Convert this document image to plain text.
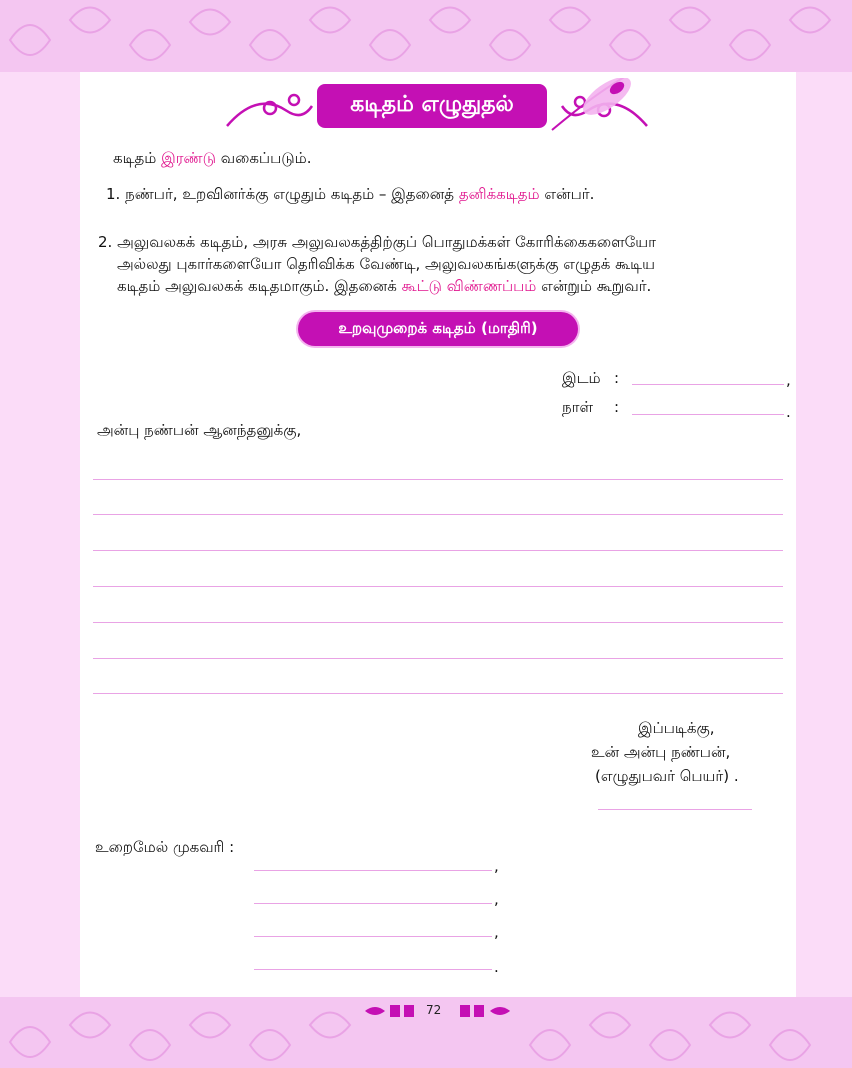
கடிதம் எழுதுதல்
கடிதம் இரண்டு வகைப்படும்.
1. நண்பர், உறவினர்க்கு எழுதும் கடிதம் – இதனைத் தனிக்கடிதம் என்பர்.
2. அலுவலகக் கடிதம், அரசு அலுவலகத்திற்குப் பொதுமக்கள் கோரிக்கைகளையோ
அல்லது புகார்களையோ தெரிவிக்க வேண்டி, அலுவலகங்களுக்கு எழுதக் கூடிய
கடிதம் அலுவலகக் கடிதமாகும். இதனைக் கூட்டு விண்ணப்பம் என்றும் கூறுவர்.
உறவுமுறைக் கடிதம் (மாதிரி)
இடம் :	,
நாள் :	.
அன்பு நண்பன் ஆனந்தனுக்கு,
இப்படிக்கு,
உன் அன்பு நண்பன்,
(எழுதுபவர் பெயர்) .
உறைமேல் முகவரி :
,
,
,
.
72
